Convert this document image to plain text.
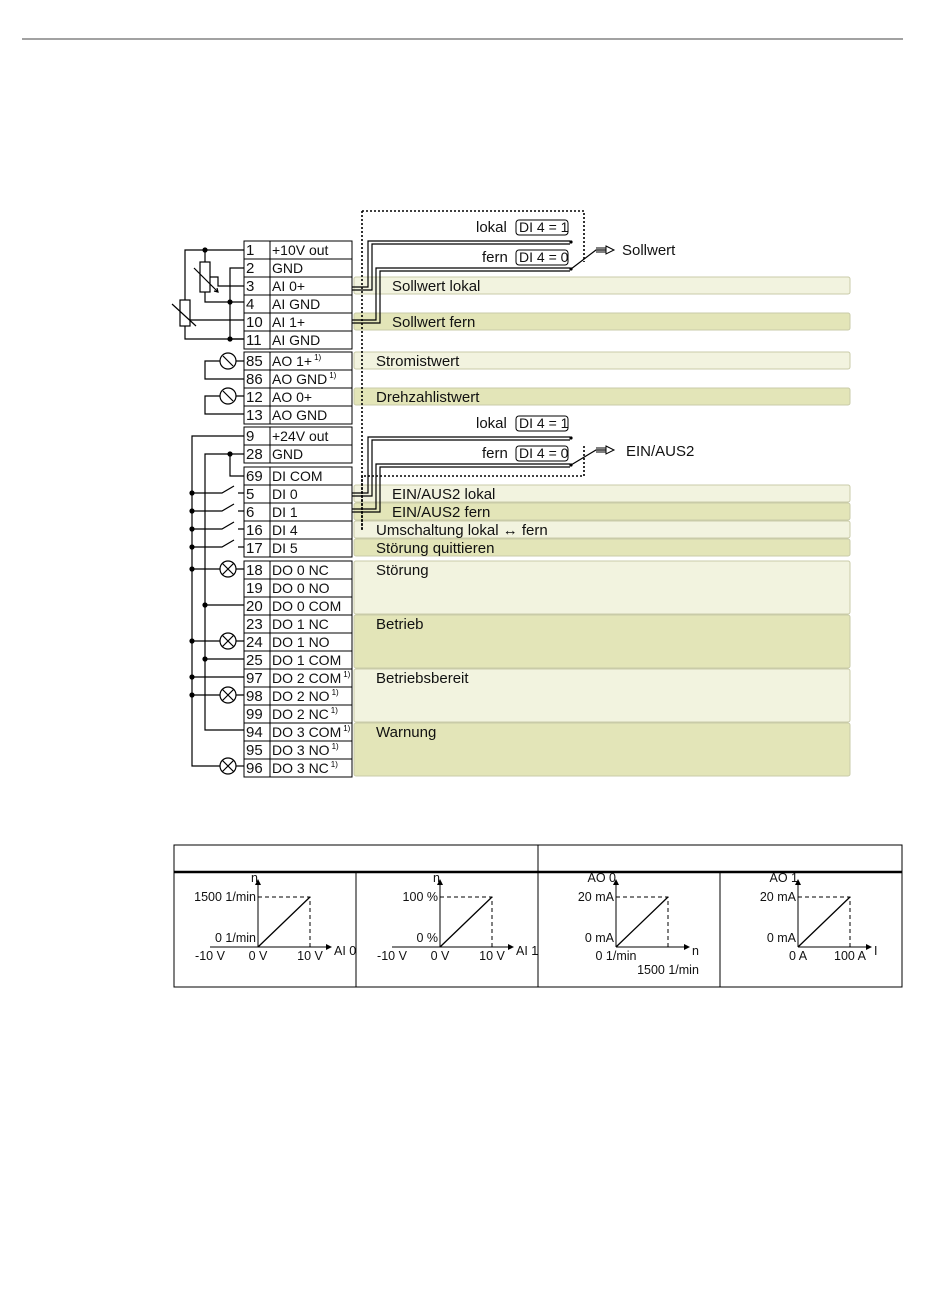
Sollwert lokal
Sollwert fern
Stromistwert
Drehzahlistwert
EIN/AUS2 lokal
EIN/AUS2 fern
Umschaltung lokal ↔ fern
Störung quittieren
Störung
Betrieb
Betriebsbereit
Warnung
1 +10V out
2 GND
3 AI 0+
4 AI GND
10 AI 1+
11 AI GND
85 AO 1+ 1)
86 AO GND 1)
12 AO 0+
13 AO GND
9 +24V out
28 GND
69 DI COM
5 DI 0
6 DI 1
16 DI 4
17 DI 5
18 DO 0 NC
19 DO 0 NO
20 DO 0 COM
23 DO 1 NC
24 DO 1 NO
25 DO 1 COM
97 DO 2 COM 1)
98 DO 2 NO 1)
99 DO 2 NC 1)
94 DO 3 COM 1)
95 DO 3 NO 1)
96 DO 3 NC 1)
lokal DI 4 = 1
fern DI 4 = 0	Sollwert
lokal DI 4 = 1
fern DI 4 = 0	EIN/AUS2
n
1500 1/min
0 1/min
-10 V 0 V 10 V AI 0
n
100 %
0 %
-10 V 0 V 10 V AI 1
AO 0
20 mA
0 mA
0 1/min	n
1500 1/min
AO 1
20 mA
0 mA
0 A 100 A I
